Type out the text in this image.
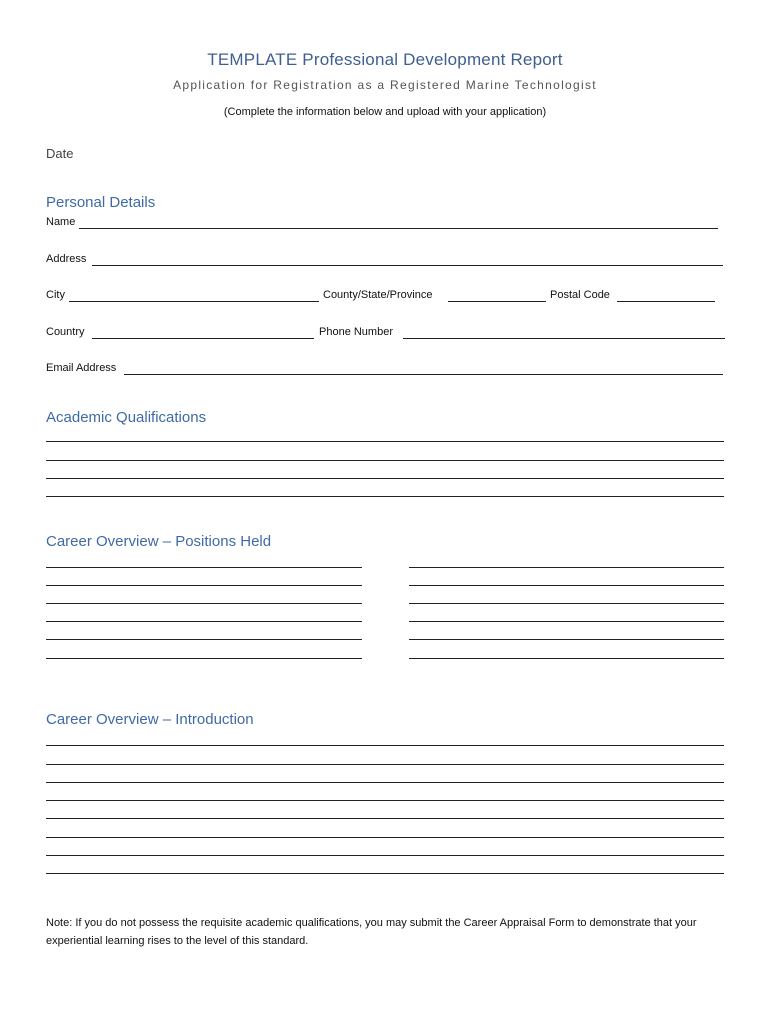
TEMPLATE Professional Development Report
Application for Registration as a Registered Marine Technologist
(Complete the information below and upload with your application)
Date
Personal Details
Name
Address
City	County/State/Province	Postal Code
Country	Phone Number
Email Address
Academic Qualifications
Career Overview – Positions Held
Career Overview – Introduction
Note: If you do not possess the requisite academic qualifications, you may submit the Career Appraisal Form to demonstrate that your experiential learning rises to the level of this standard.
